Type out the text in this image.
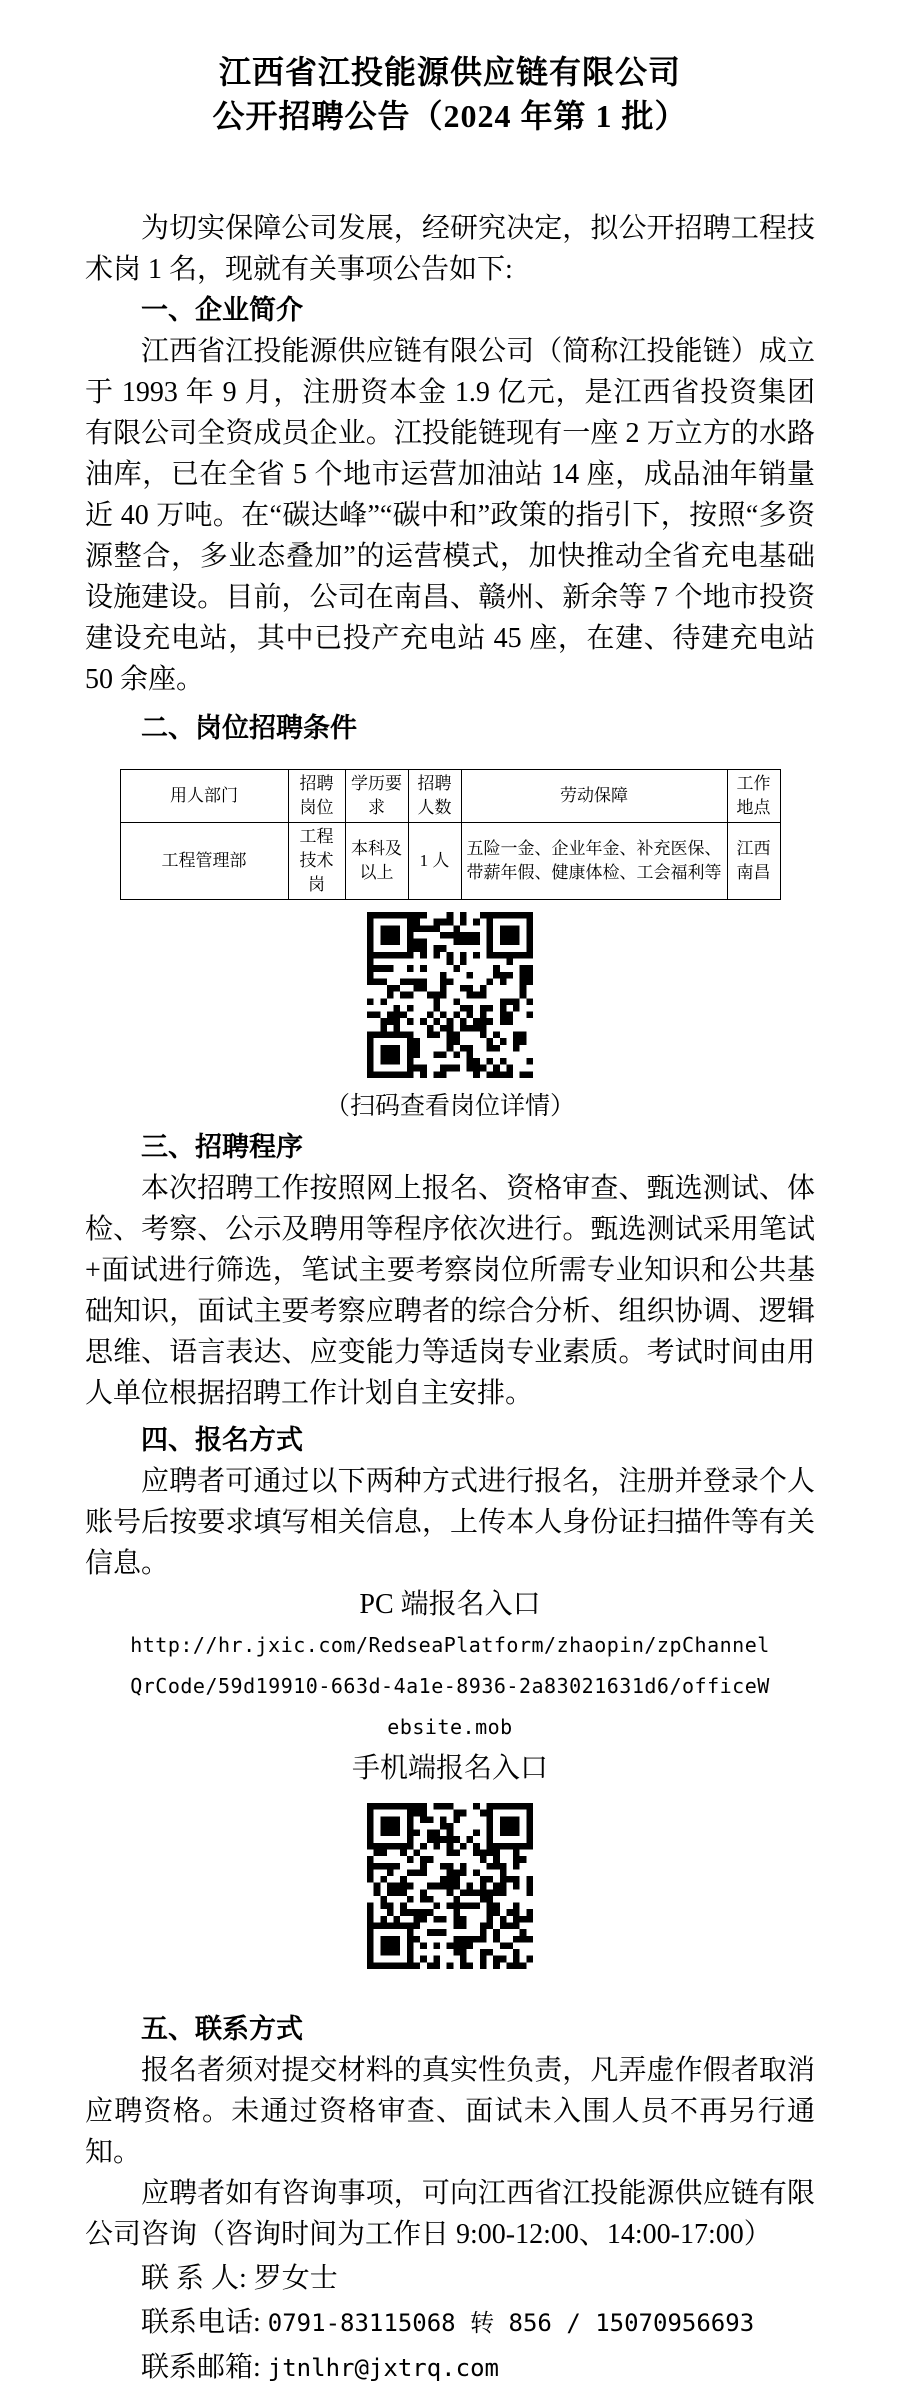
江西省江投能源供应链有限公司
公开招聘公告（2024 年第 1 批）

为切实保障公司发展，经研究决定，拟公开招聘工程技术岗 1 名，现就有关事项公告如下:

一、企业简介

江西省江投能源供应链有限公司（简称江投能链）成立于 1993 年 9 月，注册资本金 1.9 亿元，是江西省投资集团有限公司全资成员企业。江投能链现有一座 2 万立方的水路油库，已在全省 5 个地市运营加油站 14 座，成品油年销量近 40 万吨。在“碳达峰”“碳中和”政策的指引下，按照“多资源整合，多业态叠加”的运营模式，加快推动全省充电基础设施建设。目前，公司在南昌、赣州、新余等 7 个地市投资建设充电站，其中已投产充电站 45 座，在建、待建充电站 50 余座。

二、岗位招聘条件
用人部门	招聘岗位	学历要求	招聘人数	劳动保障	工作地点
工程管理部	工程技术岗	本科及以上	1 人	五险一金、企业年金、补充医保、带薪年假、健康体检、工会福利等	江西南昌
（扫码查看岗位详情）
三、招聘程序

本次招聘工作按照网上报名、资格审查、甄选测试、体检、考察、公示及聘用等程序依次进行。甄选测试采用笔试+面试进行筛选，笔试主要考察岗位所需专业知识和公共基础知识，面试主要考察应聘者的综合分析、组织协调、逻辑思维、语言表达、应变能力等适岗专业素质。考试时间由用人单位根据招聘工作计划自主安排。

四、报名方式

应聘者可通过以下两种方式进行报名，注册并登录个人账号后按要求填写相关信息，上传本人身份证扫描件等有关信息。

PC 端报名入口
http://hr.jxic.com/RedseaPlatform/zhaopin/zpChannel
QrCode/59d19910-663d-4a1e-8936-2a83021631d6/officeW
ebsite.mob
手机端报名入口
五、联系方式

报名者须对提交材料的真实性负责，凡弄虚作假者取消应聘资格。未通过资格审查、面试未入围人员不再另行通知。

应聘者如有咨询事项，可向江西省江投能源供应链有限公司咨询（咨询时间为工作日 9:00-12:00、14:00-17:00）

联 系 人: 罗女士
联系电话: 0791-83115068 转 856 / 15070956693
联系邮箱: jtnlhr@jxtrq.com
